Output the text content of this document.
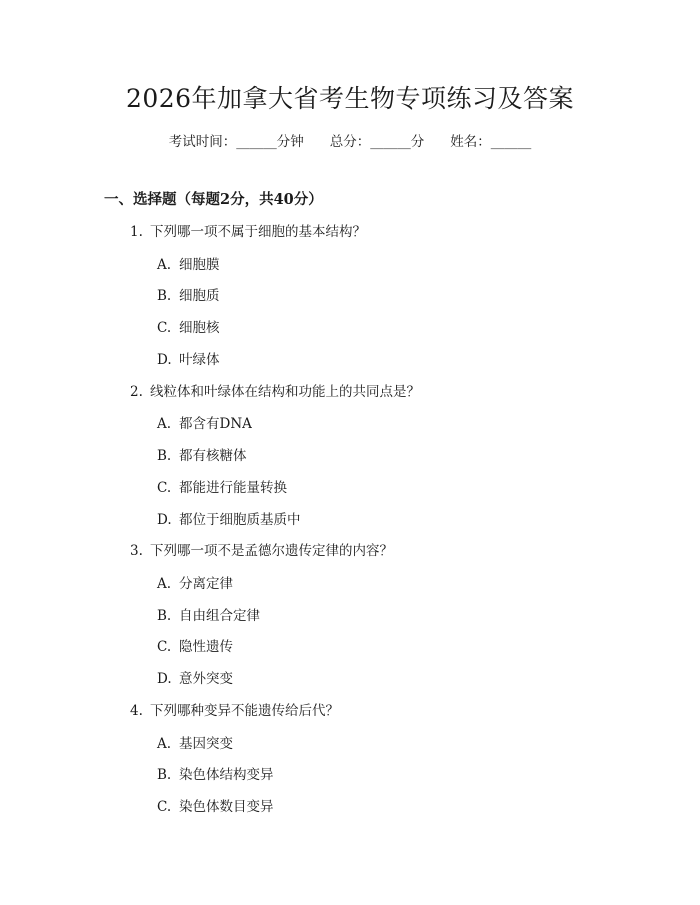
2026年加拿大省考生物专项练习及答案
考试时间：______分钟 总分：______分 姓名：______
一、选择题（每题2分，共40分）
1. 下列哪一项不属于细胞的基本结构？
A. 细胞膜
B. 细胞质
C. 细胞核
D. 叶绿体
2. 线粒体和叶绿体在结构和功能上的共同点是？
A. 都含有DNA
B. 都有核糖体
C. 都能进行能量转换
D. 都位于细胞质基质中
3. 下列哪一项不是孟德尔遗传定律的内容？
A. 分离定律
B. 自由组合定律
C. 隐性遗传
D. 意外突变
4. 下列哪种变异不能遗传给后代？
A. 基因突变
B. 染色体结构变异
C. 染色体数目变异
